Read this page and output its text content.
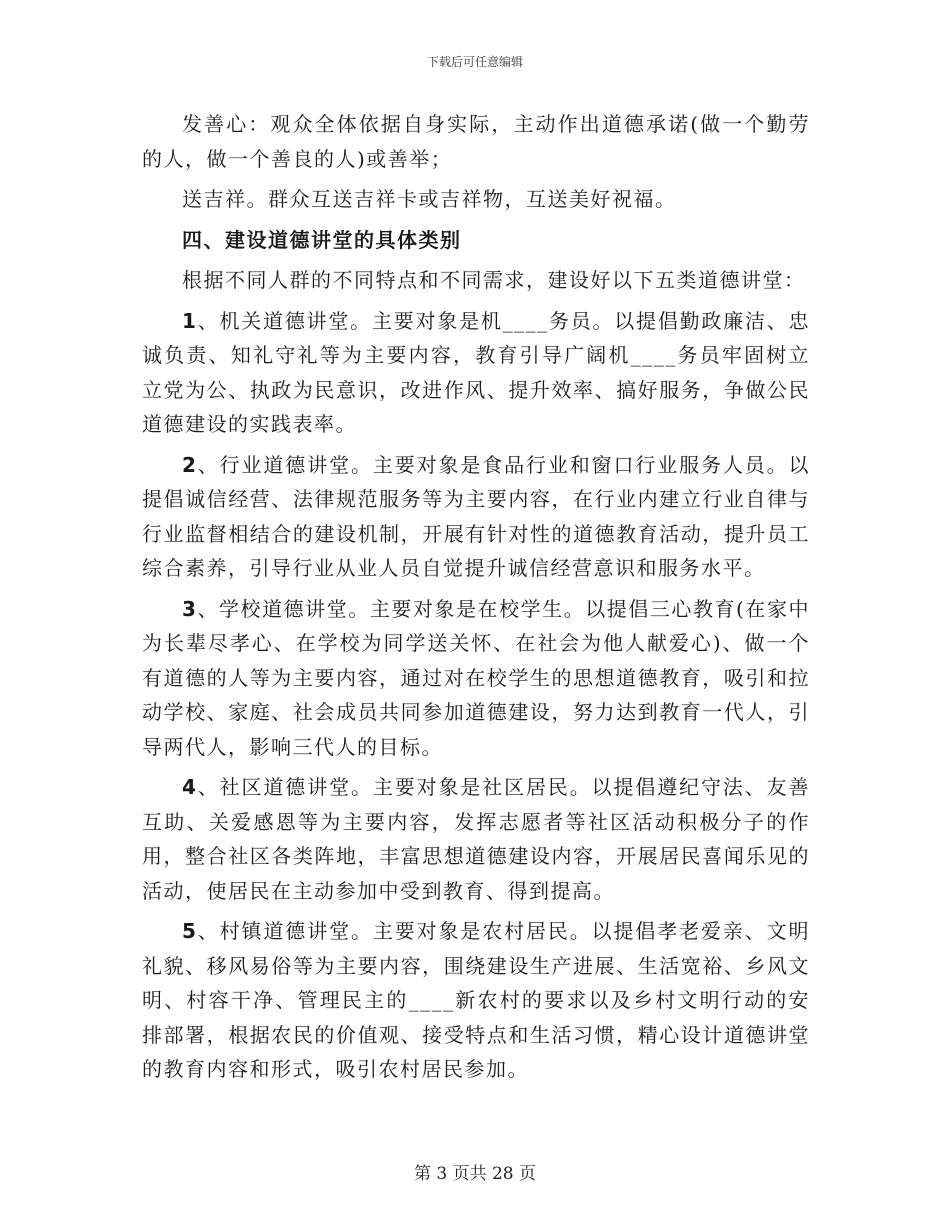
下载后可任意编辑

发善心：观众全体依据自身实际，主动作出道德承诺(做一个勤劳的人，做一个善良的人)或善举；

送吉祥。群众互送吉祥卡或吉祥物，互送美好祝福。

四、建设道德讲堂的具体类别

根据不同人群的不同特点和不同需求，建设好以下五类道德讲堂：

1、机关道德讲堂。主要对象是机____务员。以提倡勤政廉洁、忠诚负责、知礼守礼等为主要内容，教育引导广阔机____务员牢固树立立党为公、执政为民意识，改进作风、提升效率、搞好服务，争做公民道德建设的实践表率。

2、行业道德讲堂。主要对象是食品行业和窗口行业服务人员。以提倡诚信经营、法律规范服务等为主要内容，在行业内建立行业自律与行业监督相结合的建设机制，开展有针对性的道德教育活动，提升员工综合素养，引导行业从业人员自觉提升诚信经营意识和服务水平。

3、学校道德讲堂。主要对象是在校学生。以提倡三心教育(在家中为长辈尽孝心、在学校为同学送关怀、在社会为他人献爱心)、做一个有道德的人等为主要内容，通过对在校学生的思想道德教育，吸引和拉动学校、家庭、社会成员共同参加道德建设，努力达到教育一代人，引导两代人，影响三代人的目标。

4、社区道德讲堂。主要对象是社区居民。以提倡遵纪守法、友善互助、关爱感恩等为主要内容，发挥志愿者等社区活动积极分子的作用，整合社区各类阵地，丰富思想道德建设内容，开展居民喜闻乐见的活动，使居民在主动参加中受到教育、得到提高。

5、村镇道德讲堂。主要对象是农村居民。以提倡孝老爱亲、文明礼貌、移风易俗等为主要内容，围绕建设生产进展、生活宽裕、乡风文明、村容干净、管理民主的____新农村的要求以及乡村文明行动的安排部署，根据农民的价值观、接受特点和生活习惯，精心设计道德讲堂的教育内容和形式，吸引农村居民参加。

第 3 页共 28 页
